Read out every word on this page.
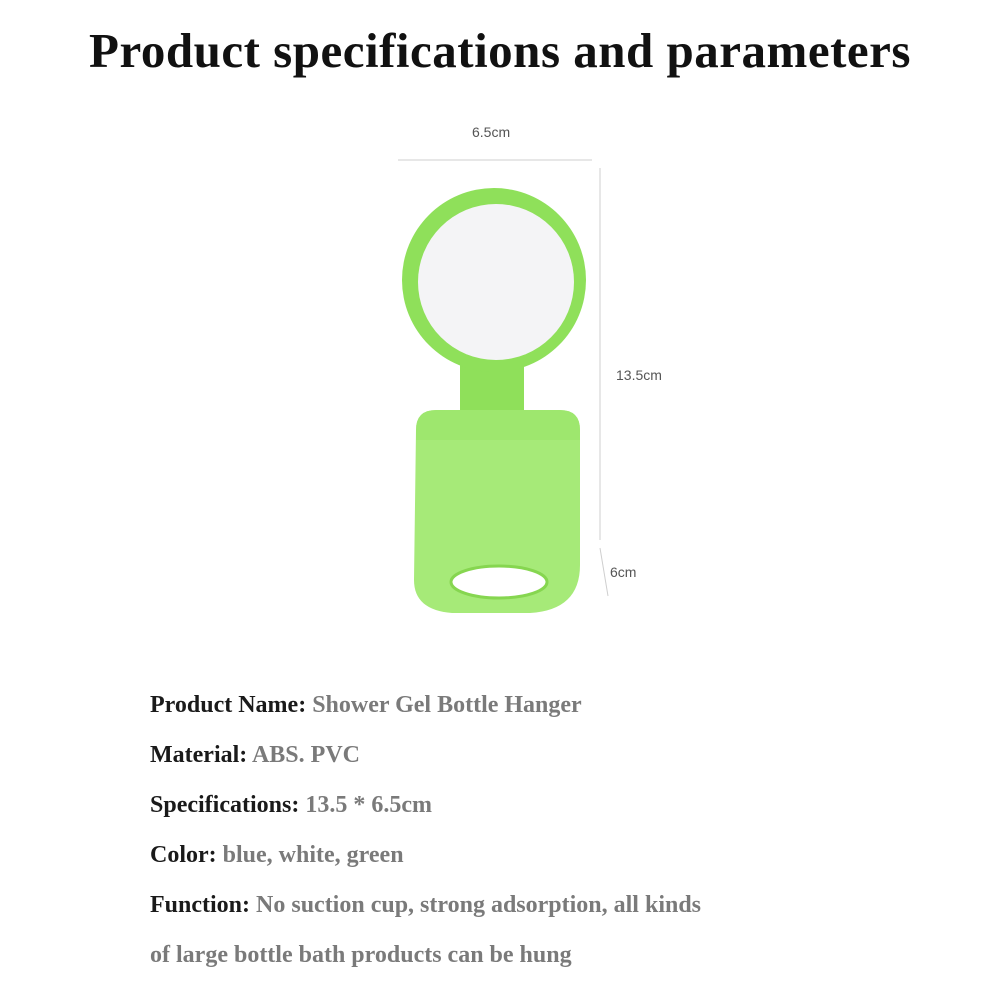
Product specifications and parameters
6.5cm
13.5cm
6cm
Product Name: Shower Gel Bottle Hanger
Material: ABS. PVC
Specifications: 13.5 * 6.5cm
Color: blue, white, green
Function: No suction cup, strong adsorption, all kinds
of large bottle bath products can be hung
